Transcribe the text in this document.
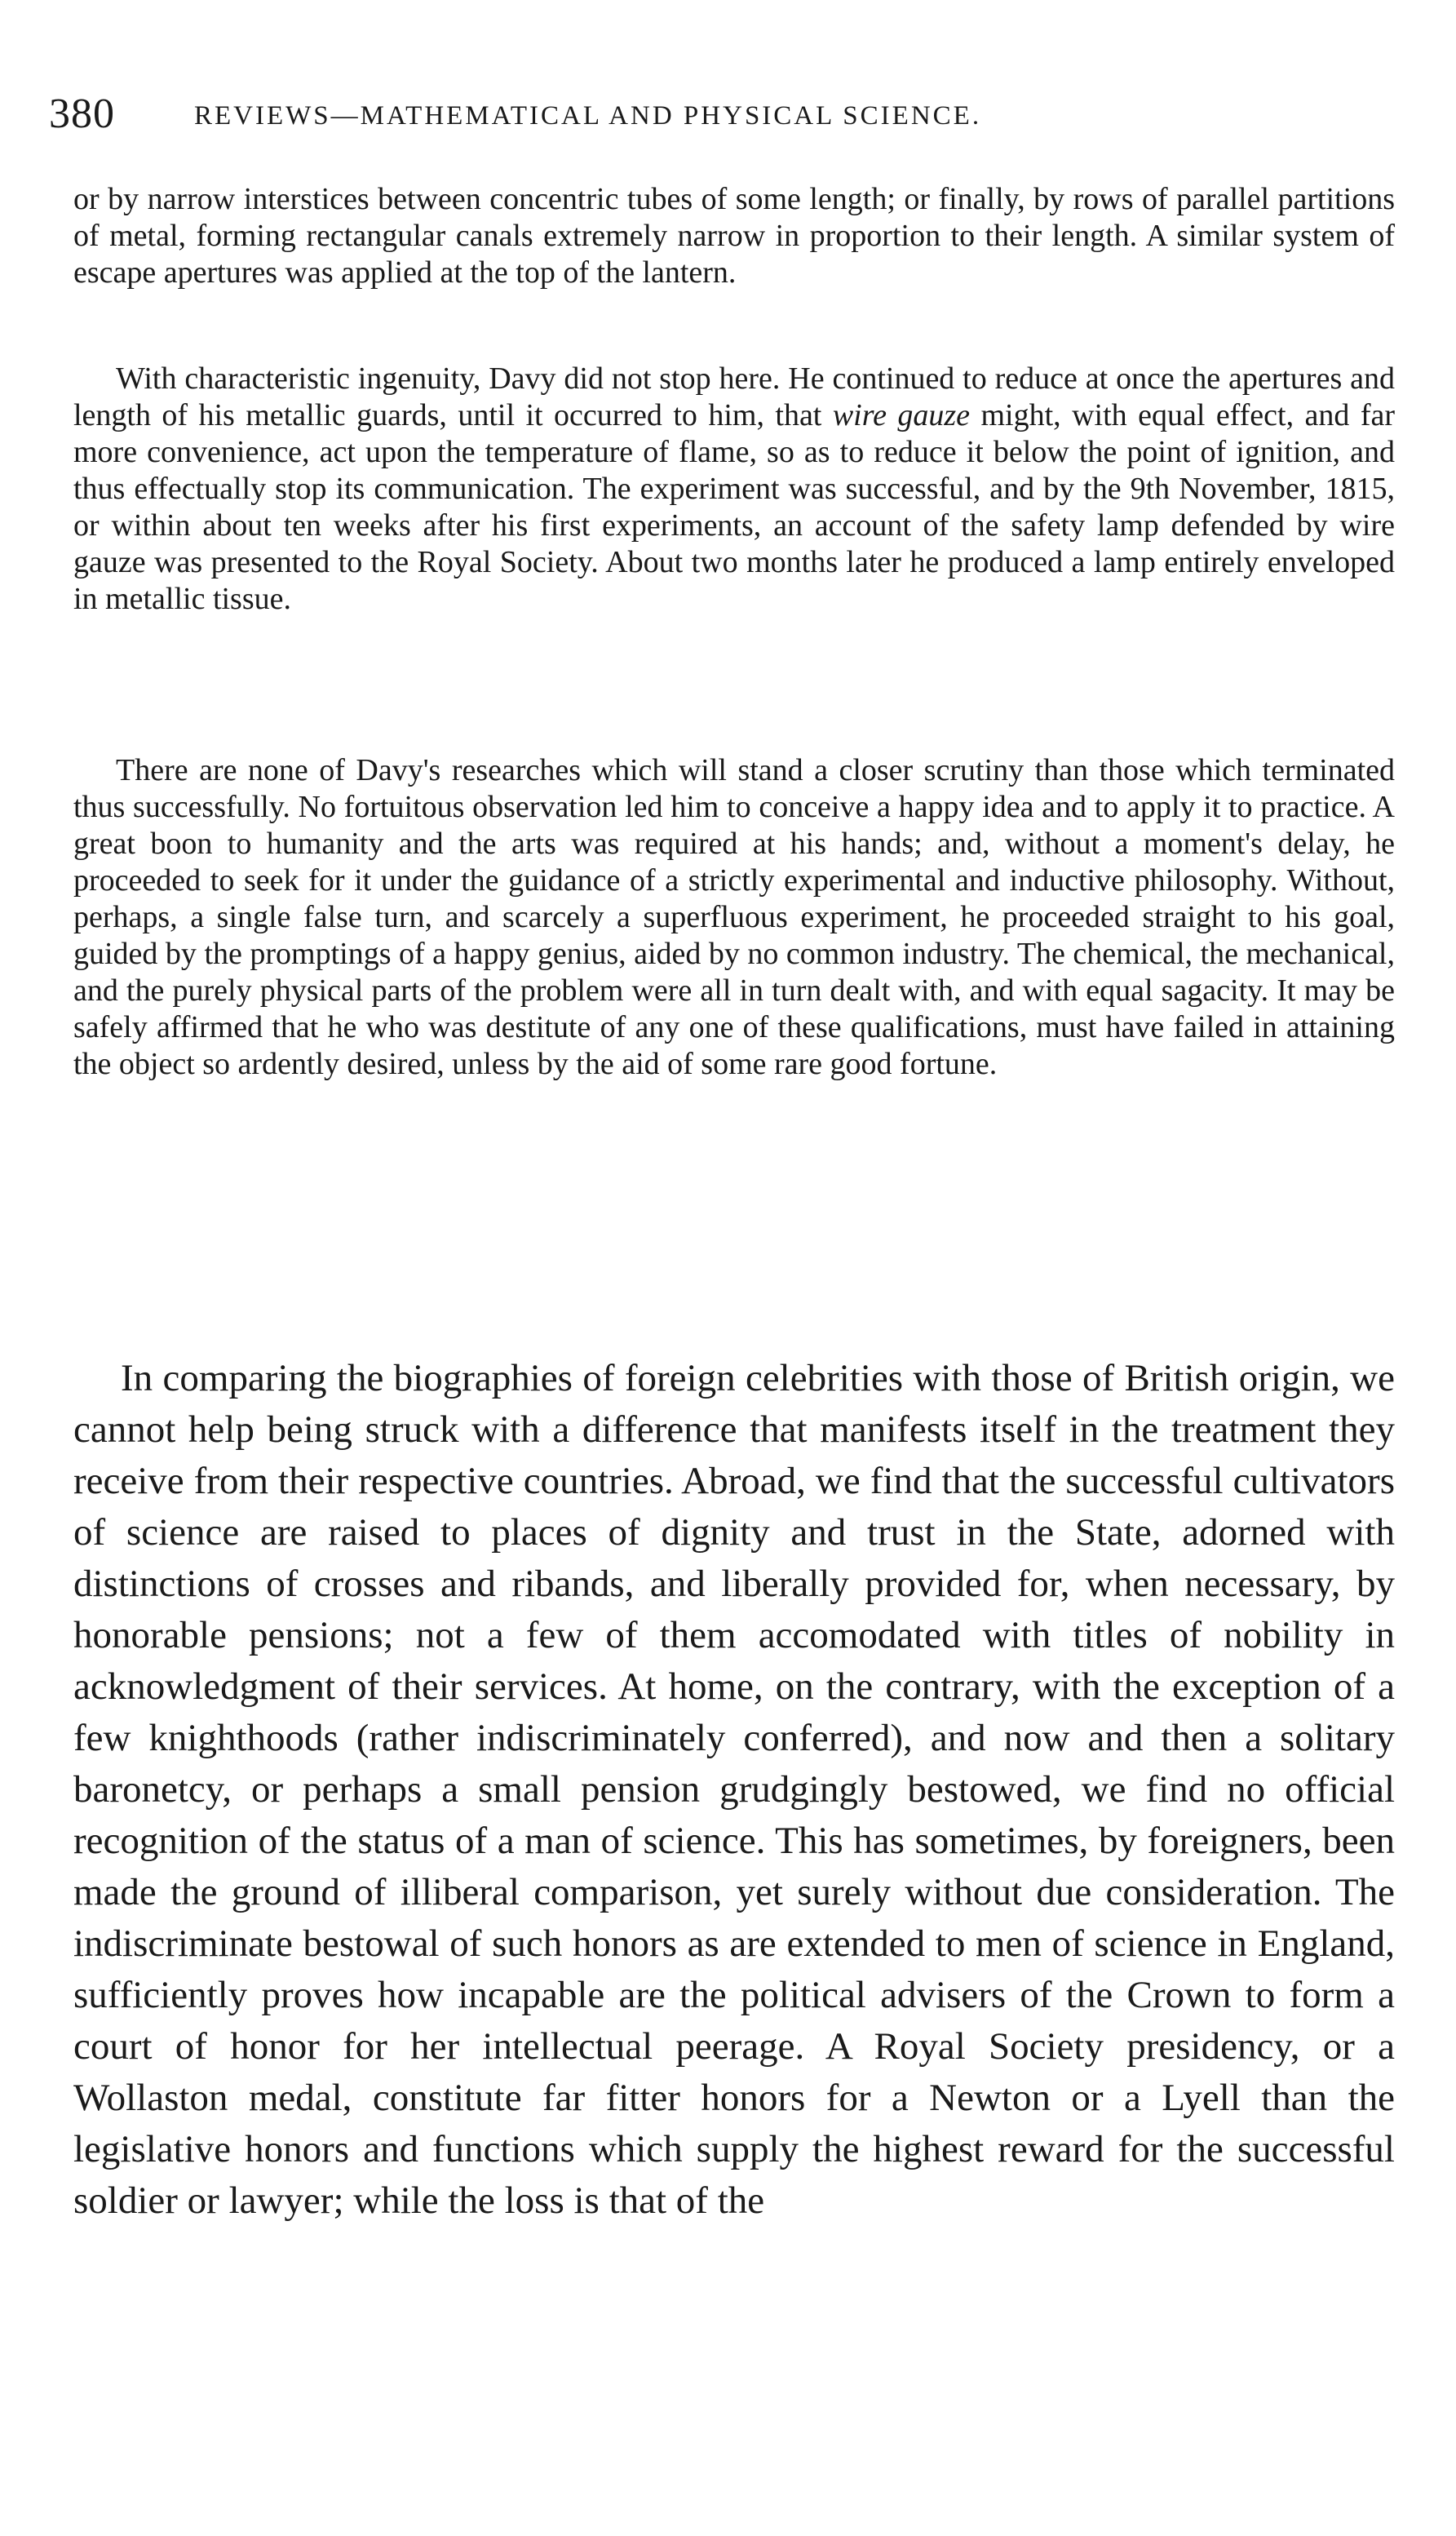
380	REVIEWS—MATHEMATICAL AND PHYSICAL SCIENCE.

or by narrow interstices between concentric tubes of some length; or finally, by rows of parallel partitions of metal, forming rectangular canals extremely narrow in proportion to their length. A similar system of escape apertures was applied at the top of the lantern.

With characteristic ingenuity, Davy did not stop here. He continued to reduce at once the apertures and length of his metallic guards, until it occurred to him, that wire gauze might, with equal effect, and far more convenience, act upon the temperature of flame, so as to reduce it below the point of ignition, and thus effectually stop its communication. The experiment was successful, and by the 9th November, 1815, or within about ten weeks after his first experiments, an account of the safety lamp defended by wire gauze was presented to the Royal Society. About two months later he produced a lamp entirely enveloped in metallic tissue.

There are none of Davy's researches which will stand a closer scrutiny than those which terminated thus successfully. No fortuitous observation led him to conceive a happy idea and to apply it to practice. A great boon to humanity and the arts was required at his hands; and, without a moment's delay, he proceeded to seek for it under the guidance of a strictly experimental and inductive philosophy. Without, perhaps, a single false turn, and scarcely a superfluous experiment, he proceeded straight to his goal, guided by the promptings of a happy genius, aided by no common industry. The chemical, the mechanical, and the purely physical parts of the problem were all in turn dealt with, and with equal sagacity. It may be safely affirmed that he who was destitute of any one of these qualifications, must have failed in attaining the object so ardently desired, unless by the aid of some rare good fortune.

In comparing the biographies of foreign celebrities with those of British origin, we cannot help being struck with a difference that manifests itself in the treatment they receive from their respective countries. Abroad, we find that the successful cultivators of science are raised to places of dignity and trust in the State, adorned with distinctions of crosses and ribands, and liberally provided for, when necessary, by honorable pensions; not a few of them accomodated with titles of nobility in acknowledgment of their services. At home, on the contrary, with the exception of a few knighthoods (rather indiscriminately conferred), and now and then a solitary baronetcy, or perhaps a small pension grudgingly bestowed, we find no official recognition of the status of a man of science. This has sometimes, by foreigners, been made the ground of illiberal comparison, yet surely without due consideration. The indiscriminate bestowal of such honors as are extended to men of science in England, sufficiently proves how incapable are the political advisers of the Crown to form a court of honor for her intellectual peerage. A Royal Society presidency, or a Wollaston medal, constitute far fitter honors for a Newton or a Lyell than the legislative honors and functions which supply the highest reward for the successful soldier or lawyer; while the loss is that of the
